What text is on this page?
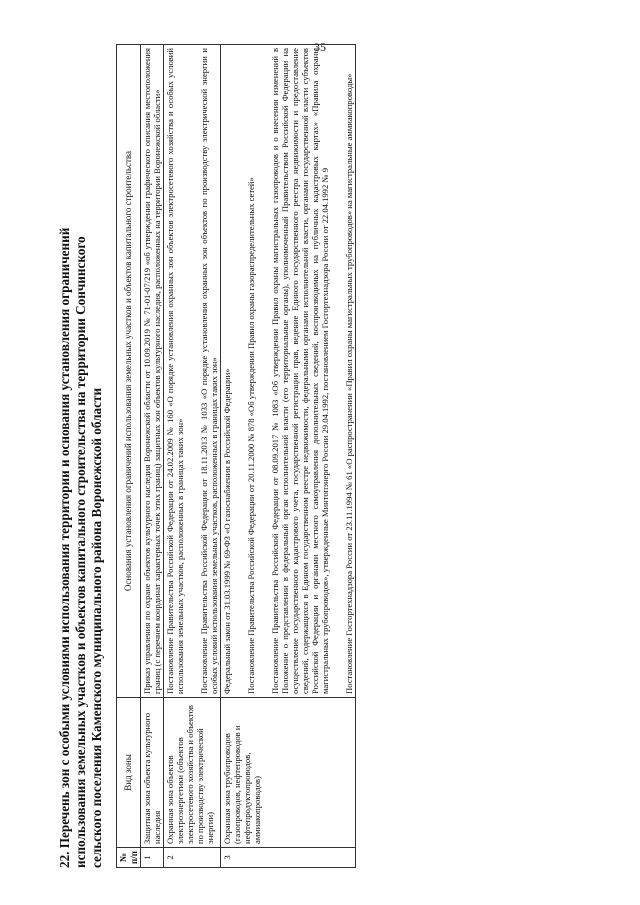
35
22. Перечень зон с особыми условиями использования территории и основания установления ограничений использования земельных участков и объектов капитального строительства на территории Сончинского сельского поселения Каменского муниципального района Воронежской области № п/п	Вид зоны	Основания установления ограничений использования земельных участков и объектов капитального строительства
1	Защитная зона объекта культурного наследия	Приказ управления по охране объектов культурного наследия Воронежской области от 10.09.2019 № 71-01-07/219 «об утверждении графического описания местоположения границ (с перечнем координат характерных точек этих границ) защитных зон объектов культурного наследия, расположенных на территории Воронежской области»

2	Охранная зона объектов электроэнергетики (объектов электросетевого хозяйства и объектов по производству электрической энергии)	Постановление Правительства Российской Федерации от 24.02.2009 № 160 «О порядке установления охранных зон объектов электросетевого хозяйства и особых условий использования земельных участков, расположенных в границах таких зон» Постановление Правительства Российской Федерации от 18.11.2013 № 1033 «О порядке установления охранных зон объектов по производству электрической энергии и особых условий использования земельных участков, расположенных в границах таких зон»

3	Охранная зона трубопроводов (газопроводов, нефтепроводов и нефтепродуктопроводов, аммиакопроводов)	Федеральный закон от 31.03.1999 № 69-ФЗ «О газоснабжении в Российской Федерации» Постановление Правительства Российской Федерации от 20.11.2000 № 878 «Об утверждении Правил охраны газораспределительных сетей» Постановление Правительства Российской Федерации от 08.09.2017 № 1083 «Об утверждении Правил охраны магистральных газопроводов и о внесении изменений в Положение о представлении в федеральный орган исполнительной власти (его территориальные органы), уполномоченный Правительством Российской Федерации на осуществление государственного кадастрового учета, государственной регистрации прав, ведение Единого государственного реестра недвижимости и предоставление сведений, содержащихся в Едином государственном реестре недвижимости, федеральными органами исполнительной власти, органами государственной власти субъектов Российской Федерации и органами местного самоуправления дополнительных сведений, воспроизводимых на публичных кадастровых картах» «Правила охраны магистральных трубопроводов», утвержденные Минтопэнерго России 29.04.1992, постановлением Госгортехнадзора России от 22.04.1992 № 9 Постановление Госгортехнадзора России от 23.11.1994 № 61 «О распространении «Правил охраны магистральных трубопроводов» на магистральные аммиакопроводы»
